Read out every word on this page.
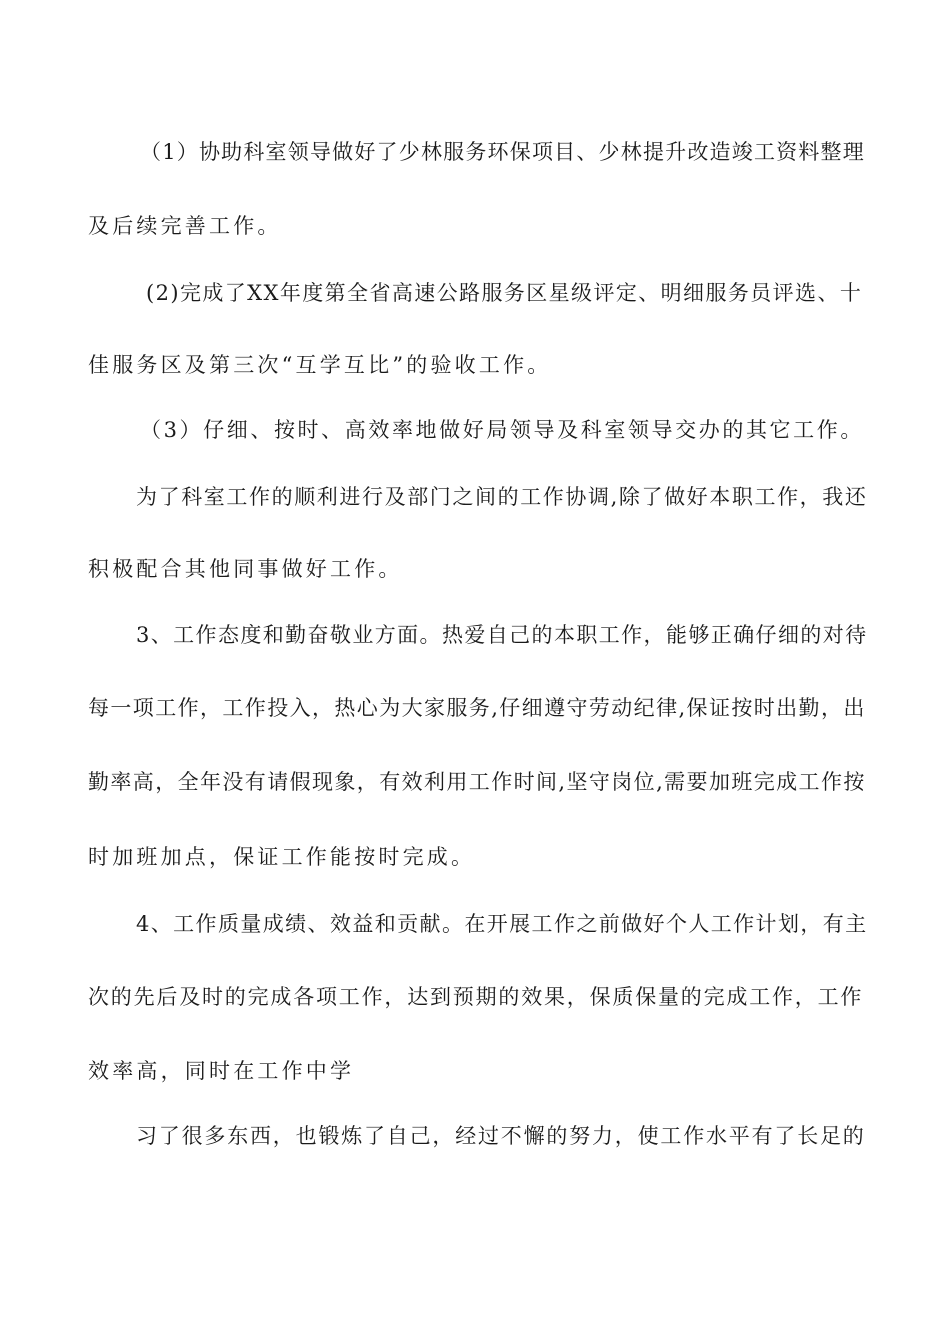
（1）协助科室领导做好了少林服务环保项目、少林提升改造竣工资料整理
及后续完善工作。
(2)完成了XX年度第全省高速公路服务区星级评定、明细服务员评选、十
佳服务区及第三次“互学互比”的验收工作。
（3）仔细、按时、高效率地做好局领导及科室领导交办的其它工作。
为了科室工作的顺利进行及部门之间的工作协调,除了做好本职工作，我还
积极配合其他同事做好工作。
3、工作态度和勤奋敬业方面。热爱自己的本职工作，能够正确仔细的对待
每一项工作，工作投入，热心为大家服务,仔细遵守劳动纪律,保证按时出勤，出
勤率高，全年没有请假现象，有效利用工作时间,坚守岗位,需要加班完成工作按
时加班加点，保证工作能按时完成。
4、工作质量成绩、效益和贡献。在开展工作之前做好个人工作计划，有主
次的先后及时的完成各项工作，达到预期的效果，保质保量的完成工作，工作
效率高，同时在工作中学
习了很多东西，也锻炼了自己，经过不懈的努力，使工作水平有了长足的
